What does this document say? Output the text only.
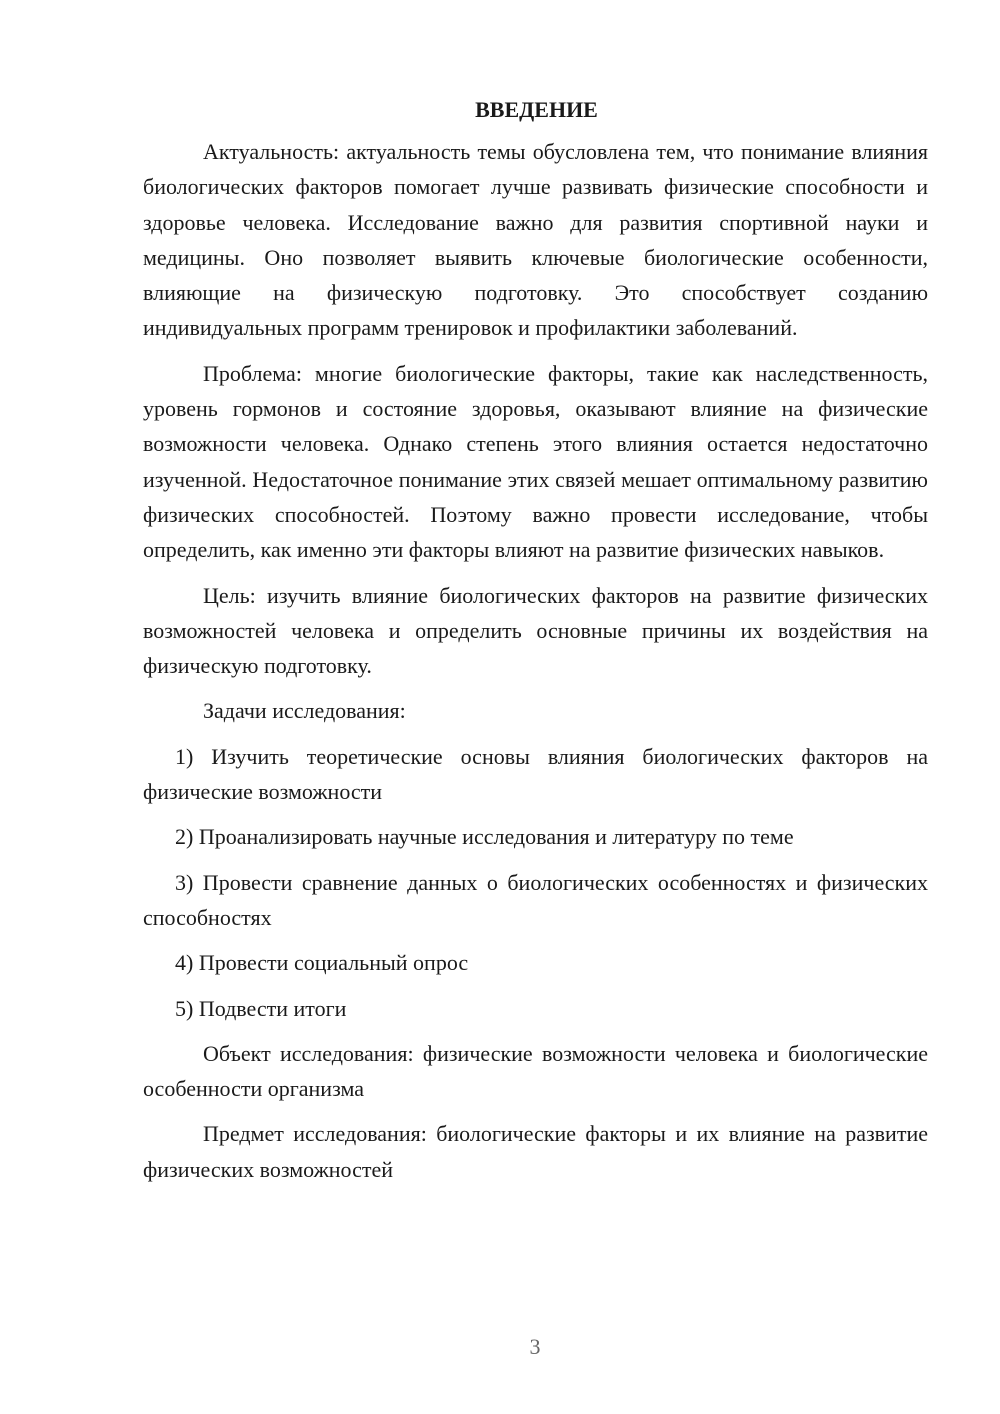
ВВЕДЕНИЕ

Актуальность: актуальность темы обусловлена тем, что понимание влияния биологических факторов помогает лучше развивать физические способности и здоровье человека. Исследование важно для развития спортивной науки и медицины. Оно позволяет выявить ключевые биологические особенности, влияющие на физическую подготовку. Это способствует созданию индивидуальных программ тренировок и профилактики заболеваний.

Проблема: многие биологические факторы, такие как наследственность, уровень гормонов и состояние здоровья, оказывают влияние на физические возможности человека. Однако степень этого влияния остается недостаточно изученной. Недостаточное понимание этих связей мешает оптимальному развитию физических способностей. Поэтому важно провести исследование, чтобы определить, как именно эти факторы влияют на развитие физических навыков.

Цель: изучить влияние биологических факторов на развитие физических возможностей человека и определить основные причины их воздействия на физическую подготовку.

Задачи исследования:

1) Изучить теоретические основы влияния биологических факторов на физические возможности

2) Проанализировать научные исследования и литературу по теме

3) Провести сравнение данных о биологических особенностях и физических способностях

4) Провести социальный опрос

5) Подвести итоги

Объект исследования: физические возможности человека и биологические особенности организма

Предмет исследования: биологические факторы и их влияние на развитие физических возможностей

3
